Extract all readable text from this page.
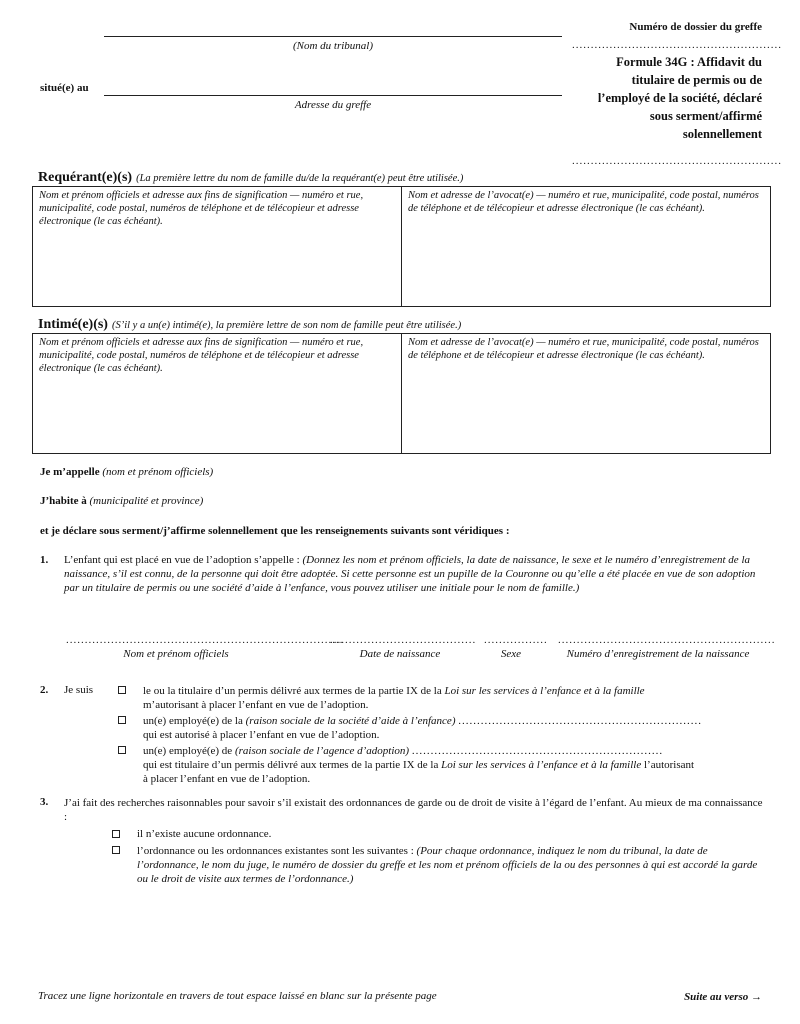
(Nom du tribunal)
situé(e) au
Adresse du greffe
Numéro de dossier du greffe
........................................................
Formule 34G : Affidavit du
titulaire de permis ou de
l’employé de la société, déclaré
sous serment/affirmé
solennellement
........................................................
Requérant(e)(s) (La première lettre du nom de famille du/de la requérant(e) peut être utilisée.)
Nom et prénom officiels et adresse aux fins de signification — numéro et rue, municipalité, code postal, numéros de téléphone et de télécopieur et adresse électronique (le cas échéant).
Nom et adresse de l’avocat(e) — numéro et rue, municipalité, code postal, numéros de téléphone et de télécopieur et adresse électronique (le cas échéant).
Intimé(e)(s) (S’il y a un(e) intimé(e), la première lettre de son nom de famille peut être utilisée.)
Nom et prénom officiels et adresse aux fins de signification — numéro et rue, municipalité, code postal, numéros de téléphone et de télécopieur et adresse électronique (le cas échéant).
Nom et adresse de l’avocat(e) — numéro et rue, municipalité, code postal, numéros de téléphone et de télécopieur et adresse électronique (le cas échéant).
Je m’appelle (nom et prénom officiels)
J’habite à (municipalité et province)
et je déclare sous serment/j’affirme solennellement que les renseignements suivants sont véridiques :
1. L’enfant qui est placé en vue de l’adoption s’appelle : (Donnez les nom et prénom officiels, la date de naissance, le sexe et le numéro d’enregistrement de la naissance, s’il est connu, de la personne qui doit être adoptée. Si cette personne est un pupille de la Couronne ou qu’elle a été placée en vue de son adoption par un titulaire de permis ou une société d’aide à l’enfance, vous pouvez utiliser une initiale pour le nom de famille.)
..........................................................................
....................................... ................. ..........................................................
Nom et prénom officiels	Date de naissance	Sexe	Numéro d’enregistrement de la naissance
2. Je suis	le ou la titulaire d’un permis délivré aux termes de la partie IX de la Loi sur les services à l’enfance et à la famille
m’autorisant à placer l’enfant en vue de l’adoption.
un(e) employé(e) de la (raison sociale de la société d’aide à l’enfance) .................................................................
qui est autorisé à placer l’enfant en vue de l’adoption.
un(e) employé(e) de (raison sociale de l’agence d’adoption) ...................................................................
qui est titulaire d’un permis délivré aux termes de la partie IX de la Loi sur les services à l’enfance et à la famille l’autorisant
à placer l’enfant en vue de l’adoption.
3. J’ai fait des recherches raisonnables pour savoir s’il existait des ordonnances de garde ou de droit de visite à l’égard de l’enfant. Au mieux de ma connaissance :
il n’existe aucune ordonnance.
l’ordonnance ou les ordonnances existantes sont les suivantes : (Pour chaque ordonnance, indiquez le nom du tribunal, la date de l’ordonnance, le nom du juge, le numéro de dossier du greffe et les nom et prénom officiels de la ou des personnes à qui est accordé la garde ou le droit de visite aux termes de l’ordonnance.)
Tracez une ligne horizontale en travers de tout espace laissé en blanc sur la présente page	Suite au verso →
